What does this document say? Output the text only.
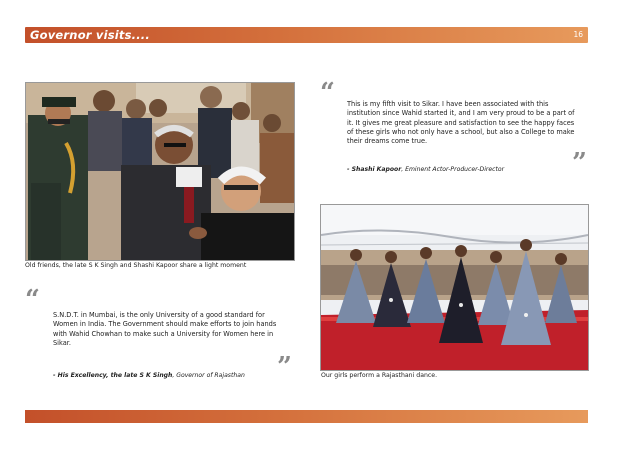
Governor visits....	16
Old friends, the late S K Singh and Shashi Kapoor share a light moment
“ This is my fifth visit to Sikar. I have been associated with this institution since Wahid started it, and I am very proud to be a part of it. It gives me great pleasure and satisfaction to see the happy faces of these girls who not only have a school, but also a College to make their dreams come true.
”
- Shashi Kapoor, Eminent Actor-Producer-Director
Our girls perform a Rajasthani dance.
“ S.N.D.T. in Mumbai, is the only University of a good standard for Women in India. The Government should make efforts to join hands with Wahid Chowhan to make such a University for Women here in Sikar.
”
- His Excellency, the late S K Singh, Governor of Rajasthan
